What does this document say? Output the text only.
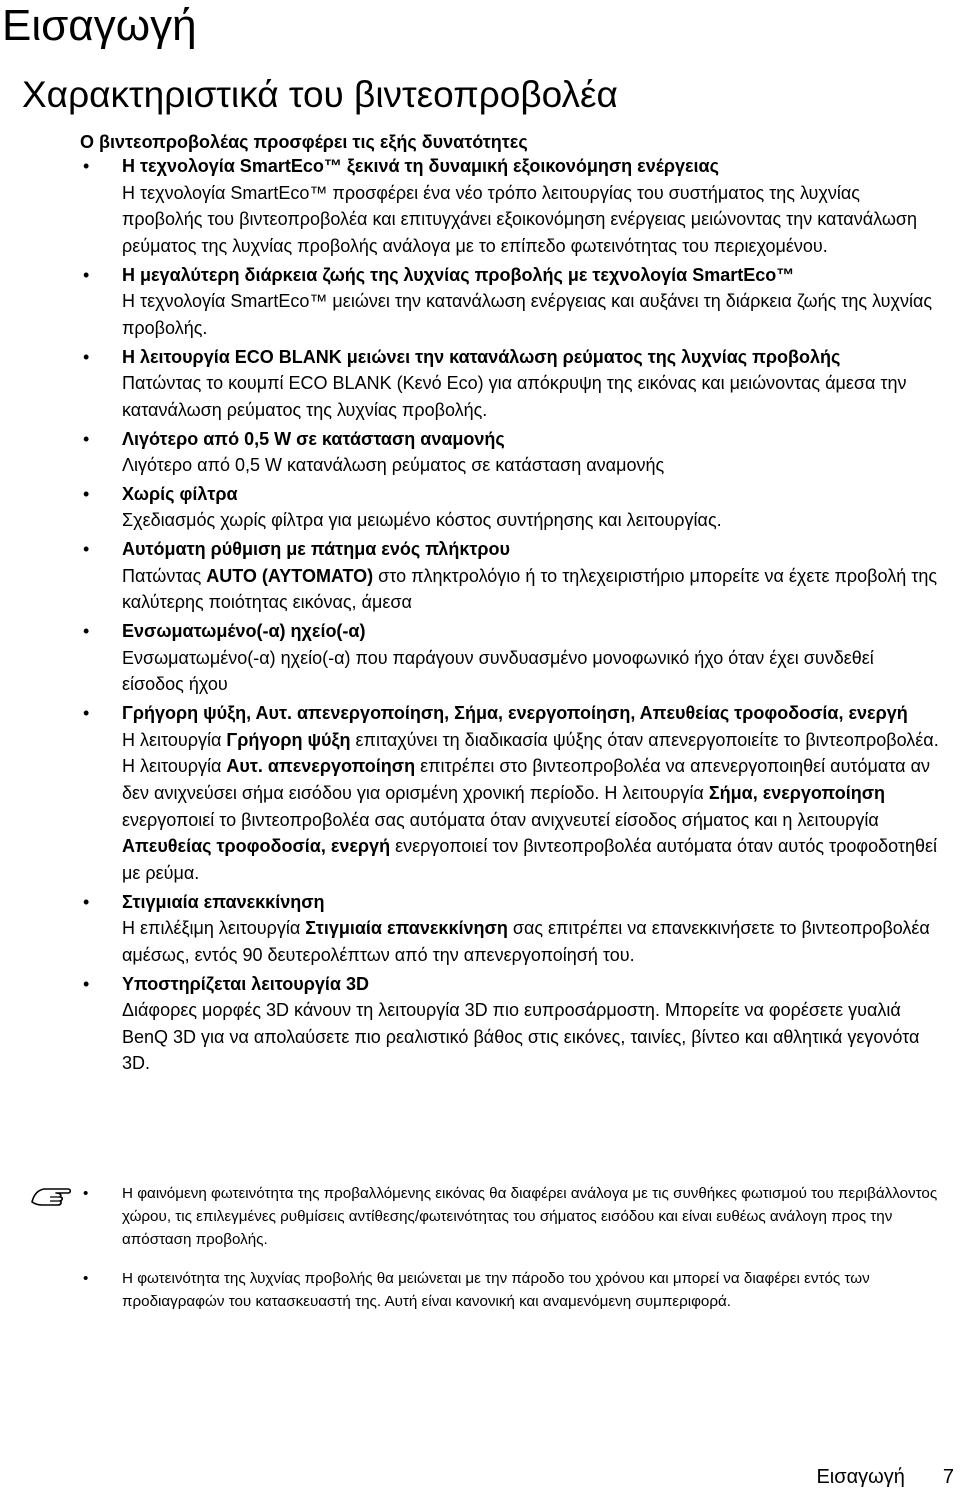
Εισαγωγή
Χαρακτηριστικά του βιντεοπροβολέα
Ο βιντεοπροβολέας προσφέρει τις εξής δυνατότητες
• Η τεχνολογία SmartEco™ ξεκινά τη δυναμική εξοικονόμηση ενέργειας
Η τεχνολογία SmartEco™ προσφέρει ένα νέο τρόπο λειτουργίας του συστήματος της λυχνίας προβολής του βιντεοπροβολέα και επιτυγχάνει εξοικονόμηση ενέργειας μειώνοντας την κατανάλωση ρεύματος της λυχνίας προβολής ανάλογα με το επίπεδο φωτεινότητας του περιεχομένου.
• Η μεγαλύτερη διάρκεια ζωής της λυχνίας προβολής με τεχνολογία SmartEco™
Η τεχνολογία SmartEco™ μειώνει την κατανάλωση ενέργειας και αυξάνει τη διάρκεια ζωής της λυχνίας προβολής.
• Η λειτουργία ECO BLANK μειώνει την κατανάλωση ρεύματος της λυχνίας προβολής
Πατώντας το κουμπί ECO BLANK (Κενό Eco) για απόκρυψη της εικόνας και μειώνοντας άμεσα την κατανάλωση ρεύματος της λυχνίας προβολής.
• Λιγότερο από 0,5 W σε κατάσταση αναμονής
Λιγότερο από 0,5 W κατανάλωση ρεύματος σε κατάσταση αναμονής
• Χωρίς φίλτρα
Σχεδιασμός χωρίς φίλτρα για μειωμένο κόστος συντήρησης και λειτουργίας.
• Αυτόματη ρύθμιση με πάτημα ενός πλήκτρου
Πατώντας AUTO (ΑΥΤΟΜΑΤΟ) στο πληκτρολόγιο ή το τηλεχειριστήριο μπορείτε να έχετε προβολή της καλύτερης ποιότητας εικόνας, άμεσα
• Ενσωματωμένο(-α) ηχείο(-α)
Ενσωματωμένο(-α) ηχείο(-α) που παράγουν συνδυασμένο μονοφωνικό ήχο όταν έχει συνδεθεί είσοδος ήχου
• Γρήγορη ψύξη, Αυτ. απενεργοποίηση, Σήμα, ενεργοποίηση, Απευθείας τροφοδοσία, ενεργή
Η λειτουργία Γρήγορη ψύξη επιταχύνει τη διαδικασία ψύξης όταν απενεργοποιείτε το βιντεοπροβολέα. Η λειτουργία Αυτ. απενεργοποίηση επιτρέπει στο βιντεοπροβολέα να απενεργοποιηθεί αυτόματα αν δεν ανιχνεύσει σήμα εισόδου για ορισμένη χρονική περίοδο. Η λειτουργία Σήμα, ενεργοποίηση ενεργοποιεί το βιντεοπροβολέα σας αυτόματα όταν ανιχνευτεί είσοδος σήματος και η λειτουργία Απευθείας τροφοδοσία, ενεργή ενεργοποιεί τον βιντεοπροβολέα αυτόματα όταν αυτός τροφοδοτηθεί με ρεύμα.
• Στιγμιαία επανεκκίνηση
Η επιλέξιμη λειτουργία Στιγμιαία επανεκκίνηση σας επιτρέπει να επανεκκινήσετε το βιντεοπροβολέα αμέσως, εντός 90 δευτερολέπτων από την απενεργοποίησή του.
• Υποστηρίζεται λειτουργία 3D
Διάφορες μορφές 3D κάνουν τη λειτουργία 3D πιο ευπροσάρμοστη. Μπορείτε να φορέσετε γυαλιά BenQ 3D για να απολαύσετε πιο ρεαλιστικό βάθος στις εικόνες, ταινίες, βίντεο και αθλητικά γεγονότα 3D.
• Η φαινόμενη φωτεινότητα της προβαλλόμενης εικόνας θα διαφέρει ανάλογα με τις συνθήκες φωτισμού του περιβάλλοντος χώρου, τις επιλεγμένες ρυθμίσεις αντίθεσης/φωτεινότητας του σήματος εισόδου και είναι ευθέως ανάλογη προς την απόσταση προβολής.
• Η φωτεινότητα της λυχνίας προβολής θα μειώνεται με την πάροδο του χρόνου και μπορεί να διαφέρει εντός των προδιαγραφών του κατασκευαστή της. Αυτή είναι κανονική και αναμενόμενη συμπεριφορά.
Εισαγωγή 7
